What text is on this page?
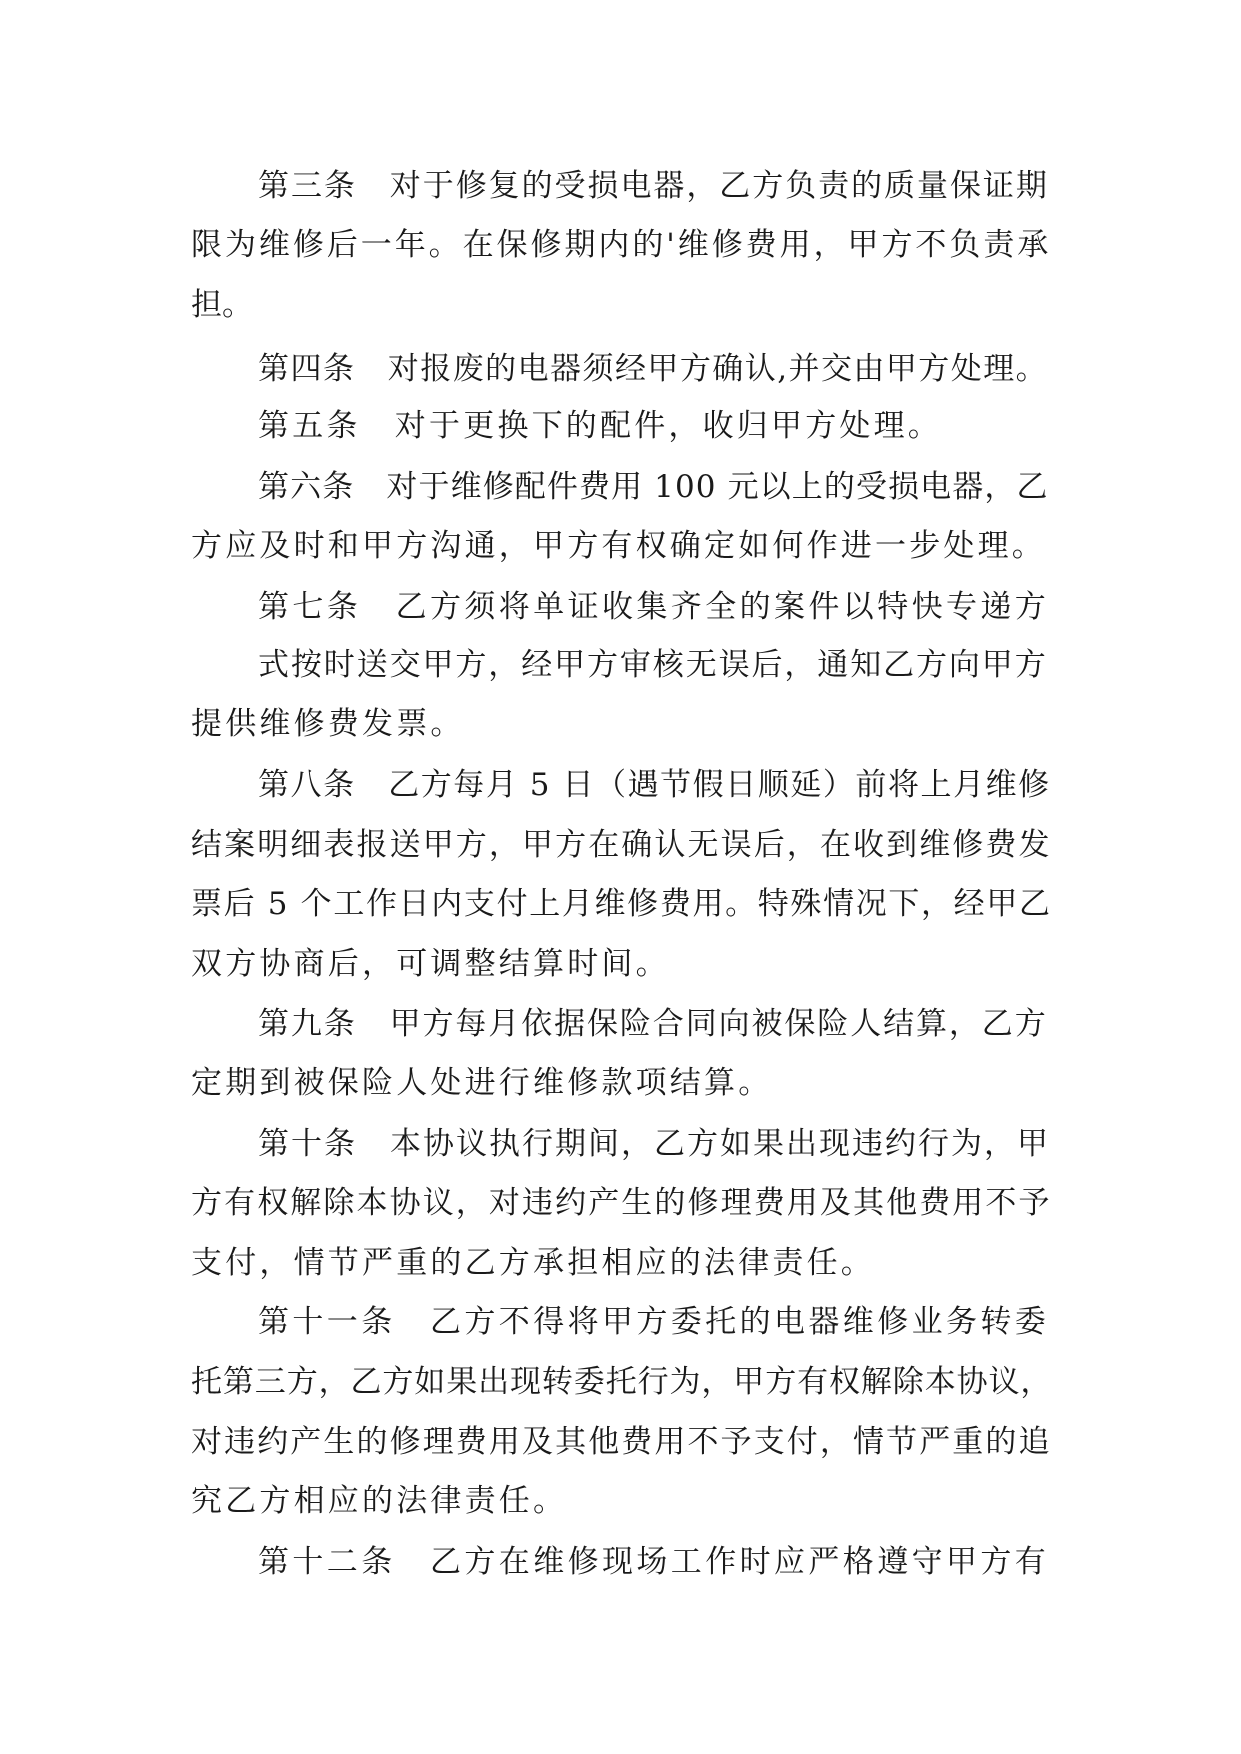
第三条　对于修复的受损电器，乙方负责的质量保证期
限为维修后一年。在保修期内的'维修费用，甲方不负责承
担。
第四条　对报废的电器须经甲方确认,并交由甲方处理。
第五条　对于更换下的配件，收归甲方处理。
第六条　对于维修配件费用 100 元以上的受损电器，乙
方应及时和甲方沟通，甲方有权确定如何作进一步处理。
第七条　乙方须将单证收集齐全的案件以特快专递方
式按时送交甲方，经甲方审核无误后，通知乙方向甲方
提供维修费发票。
第八条　乙方每月 5 日（遇节假日顺延）前将上月维修
结案明细表报送甲方，甲方在确认无误后，在收到维修费发
票后 5 个工作日内支付上月维修费用。特殊情况下，经甲乙
双方协商后，可调整结算时间。
第九条　甲方每月依据保险合同向被保险人结算，乙方
定期到被保险人处进行维修款项结算。
第十条　本协议执行期间，乙方如果出现违约行为，甲
方有权解除本协议，对违约产生的修理费用及其他费用不予
支付，情节严重的乙方承担相应的法律责任。
第十一条　乙方不得将甲方委托的电器维修业务转委
托第三方，乙方如果出现转委托行为，甲方有权解除本协议，
对违约产生的修理费用及其他费用不予支付，情节严重的追
究乙方相应的法律责任。
第十二条　乙方在维修现场工作时应严格遵守甲方有
